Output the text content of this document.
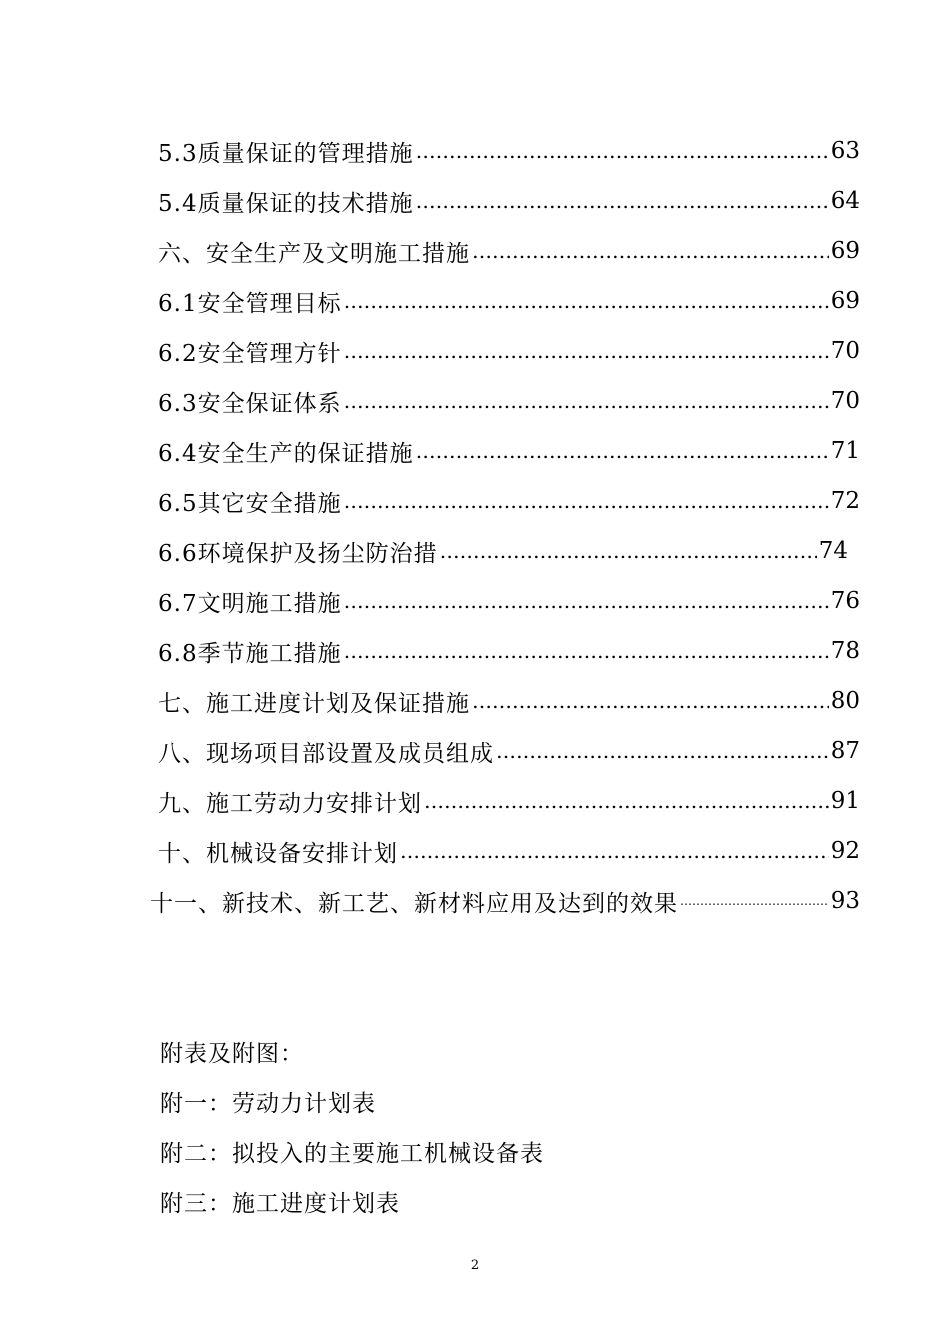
5.3质量保证的管理措施 …………………………………………………………………………………………………………………………………………	63
5.4质量保证的技术措施 …………………………………………………………………………………………………………………………………………	64
六、安全生产及文明施工措施 …………………………………………………………………………………………………………………………………………	69
6.1安全管理目标 …………………………………………………………………………………………………………………………………………	69
6.2安全管理方针 …………………………………………………………………………………………………………………………………………	70
6.3安全保证体系 …………………………………………………………………………………………………………………………………………	70
6.4安全生产的保证措施 …………………………………………………………………………………………………………………………………………	71
6.5其它安全措施 …………………………………………………………………………………………………………………………………………	72
6.6环境保护及扬尘防治措 …………………………………………………………………………………………………………………………………………	74
6.7文明施工措施 …………………………………………………………………………………………………………………………………………	76
6.8季节施工措施 …………………………………………………………………………………………………………………………………………	78
七、施工进度计划及保证措施 …………………………………………………………………………………………………………………………………………	80
八、现场项目部设置及成员组成 …………………………………………………………………………………………………………………………………………	87
九、施工劳动力安排计划 …………………………………………………………………………………………………………………………………………	91
十、机械设备安排计划 …………………………………………………………………………………………………………………………………………	92
十一、新技术、新工艺、新材料应用及达到的效果 ……………………………………………………………………………………………………………………………………………………………………………………	93
附表及附图：
附一：劳动力计划表
附二：拟投入的主要施工机械设备表
附三：施工进度计划表
2
